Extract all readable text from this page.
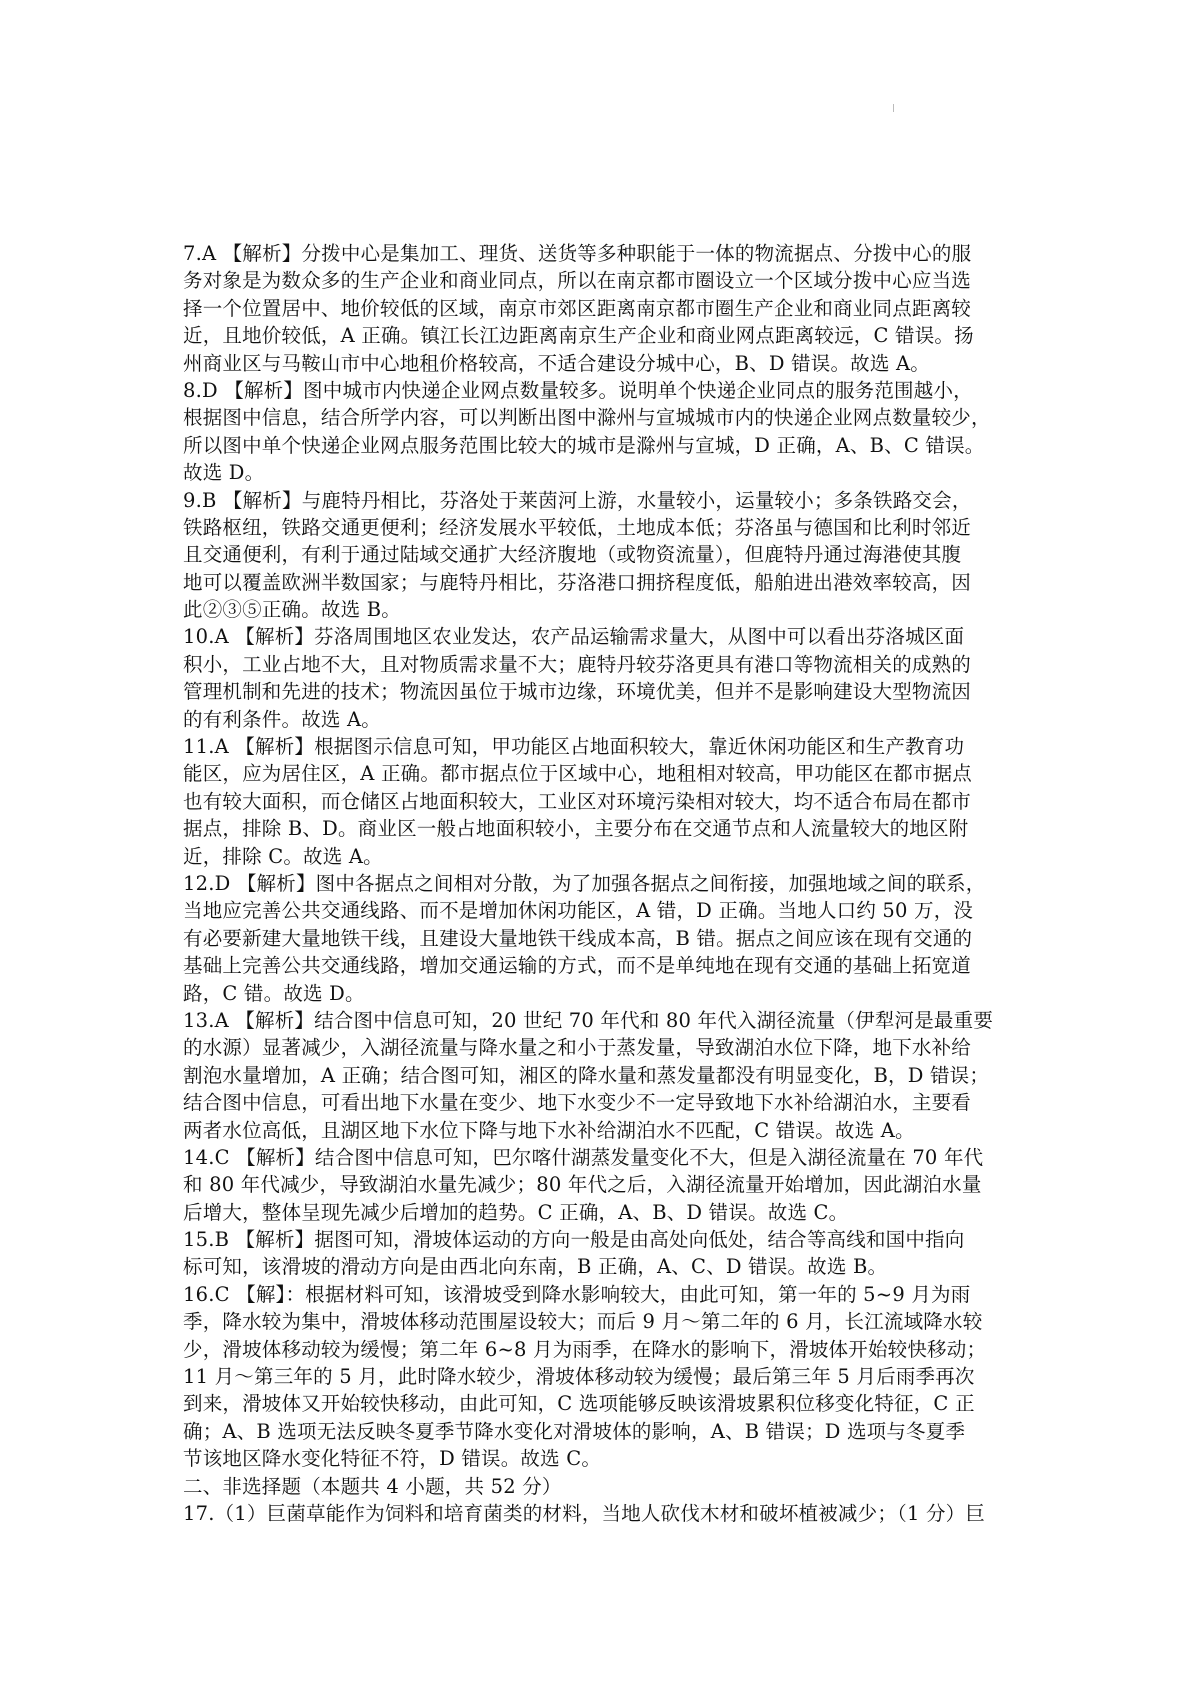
7.A 【解析】分拨中心是集加工、理货、送货等多种职能于一体的物流据点、分拨中心的服
务对象是为数众多的生产企业和商业同点，所以在南京都市圈设立一个区域分拨中心应当选
择一个位置居中、地价较低的区域，南京市郊区距离南京都市圈生产企业和商业同点距离较
近，且地价较低，A 正确。镇江长江边距离南京生产企业和商业网点距离较远，C 错误。扬
州商业区与马鞍山市中心地租价格较高，不适合建设分城中心，B、D 错误。故选 A。
8.D 【解析】图中城市内快递企业网点数量较多。说明单个快递企业同点的服务范围越小，
根据图中信息，结合所学内容，可以判断出图中滁州与宣城城市内的快递企业网点数量较少，
所以图中单个快递企业网点服务范围比较大的城市是滁州与宣城，D 正确，A、B、C 错误。
故选 D。
9.B 【解析】与鹿特丹相比，芬洛处于莱茵河上游，水量较小，运量较小；多条铁路交会，
铁路枢纽，铁路交通更便利；经济发展水平较低，土地成本低；芬洛虽与德国和比利时邻近
且交通便利，有利于通过陆域交通扩大经济腹地（或物资流量），但鹿特丹通过海港使其腹
地可以覆盖欧洲半数国家；与鹿特丹相比，芬洛港口拥挤程度低，船舶进出港效率较高，因
此②③⑤正确。故选 B。
10.A 【解析】芬洛周围地区农业发达，农产品运输需求量大，从图中可以看出芬洛城区面
积小，工业占地不大，且对物质需求量不大；鹿特丹较芬洛更具有港口等物流相关的成熟的
管理机制和先进的技术；物流因虽位于城市边缘，环境优美，但并不是影响建设大型物流因
的有利条件。故选 A。
11.A 【解析】根据图示信息可知，甲功能区占地面积较大，靠近休闲功能区和生产教育功
能区，应为居住区，A 正确。都市据点位于区域中心，地租相对较高，甲功能区在都市据点
也有较大面积，而仓储区占地面积较大，工业区对环境污染相对较大，均不适合布局在都市
据点，排除 B、D。商业区一般占地面积较小，主要分布在交通节点和人流量较大的地区附
近，排除 C。故选 A。
12.D 【解析】图中各据点之间相对分散，为了加强各据点之间衔接，加强地域之间的联系，
当地应完善公共交通线路、而不是增加休闲功能区，A 错，D 正确。当地人口约 50 万，没
有必要新建大量地铁干线，且建设大量地铁干线成本高，B 错。据点之间应该在现有交通的
基础上完善公共交通线路，增加交通运输的方式，而不是单纯地在现有交通的基础上拓宽道
路，C 错。故选 D。
13.A 【解析】结合图中信息可知，20 世纪 70 年代和 80 年代入湖径流量（伊犁河是最重要
的水源）显著减少，入湖径流量与降水量之和小于蒸发量，导致湖泊水位下降，地下水补给
割泡水量增加，A 正确；结合图可知，湘区的降水量和蒸发量都没有明显变化，B，D 错误；
结合图中信息，可看出地下水量在变少、地下水变少不一定导致地下水补给湖泊水，主要看
两者水位高低，且湖区地下水位下降与地下水补给湖泊水不匹配，C 错误。故选 A。
14.C 【解析】结合图中信息可知，巴尔喀什湖蒸发量变化不大，但是入湖径流量在 70 年代
和 80 年代减少，导致湖泊水量先减少；80 年代之后，入湖径流量开始增加，因此湖泊水量
后增大，整体呈现先减少后增加的趋势。C 正确，A、B、D 错误。故选 C。
15.B 【解析】据图可知，滑坡体运动的方向一般是由高处向低处，结合等高线和国中指向
标可知，该滑坡的滑动方向是由西北向东南，B 正确，A、C、D 错误。故选 B。
16.C 【解】：根据材料可知，该滑坡受到降水影响较大，由此可知，第一年的 5~9 月为雨
季，降水较为集中，滑坡体移动范围屋设较大；而后 9 月～第二年的 6 月，长江流域降水较
少，滑坡体移动较为缓慢；第二年 6~8 月为雨季，在降水的影响下，滑坡体开始较快移动；
11 月～第三年的 5 月，此时降水较少，滑坡体移动较为缓慢；最后第三年 5 月后雨季再次
到来，滑坡体又开始较快移动，由此可知，C 选项能够反映该滑坡累积位移变化特征，C 正
确；A、B 选项无法反映冬夏季节降水变化对滑坡体的影响，A、B 错误；D 选项与冬夏季
节该地区降水变化特征不符，D 错误。故选 C。
二、非选择题（本题共 4 小题，共 52 分）
17.（1）巨菌草能作为饲料和培育菌类的材料，当地人砍伐木材和破坏植被减少；（1 分）巨
